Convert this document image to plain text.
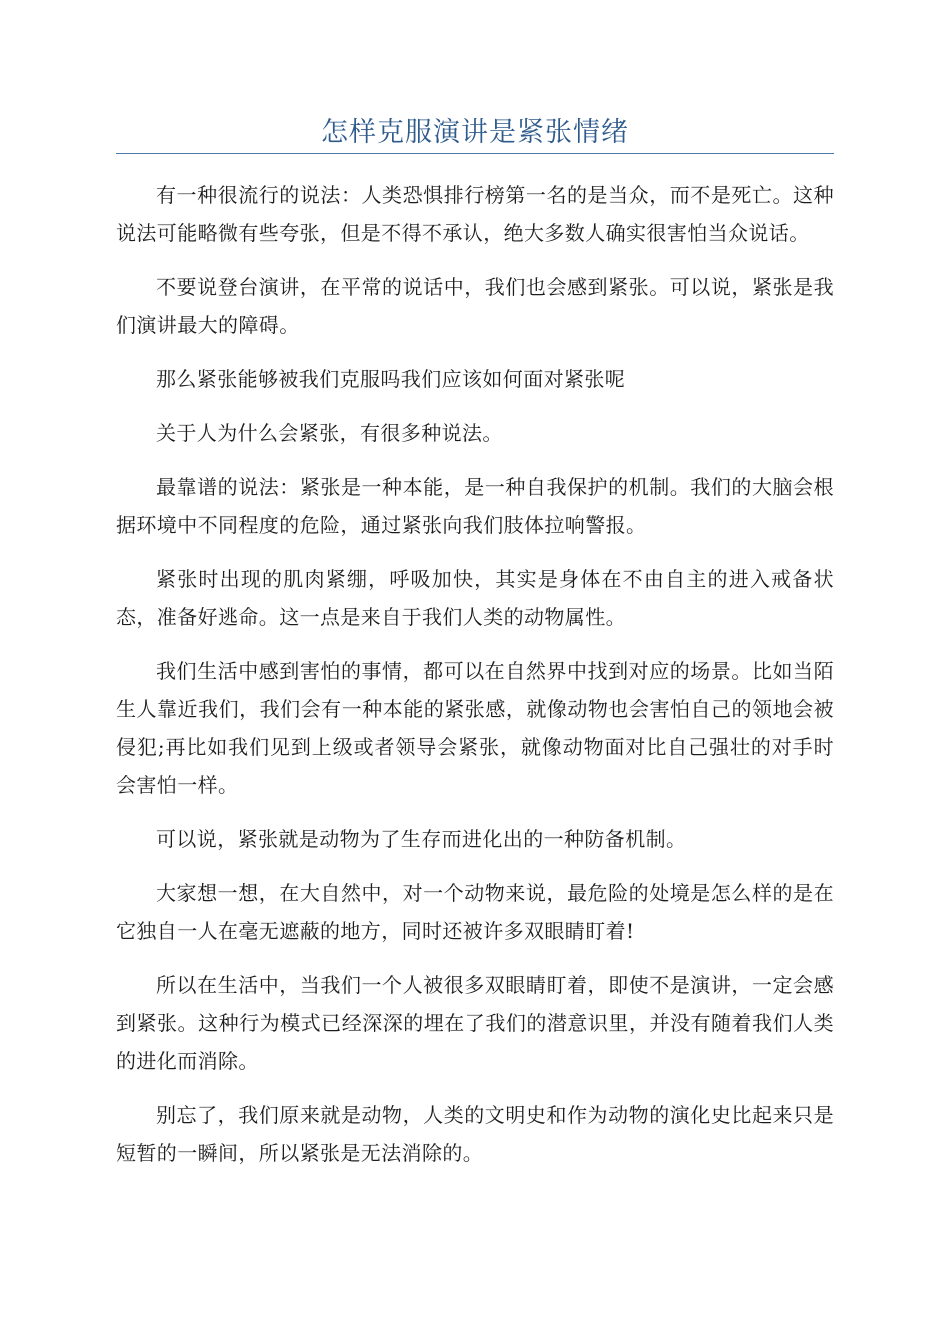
怎样克服演讲是紧张情绪

有一种很流行的说法：人类恐惧排行榜第一名的是当众，而不是死亡。这种说法可能略微有些夸张，但是不得不承认，绝大多数人确实很害怕当众说话。

不要说登台演讲，在平常的说话中，我们也会感到紧张。可以说，紧张是我们演讲最大的障碍。

那么紧张能够被我们克服吗我们应该如何面对紧张呢

关于人为什么会紧张，有很多种说法。

最靠谱的说法：紧张是一种本能，是一种自我保护的机制。我们的大脑会根据环境中不同程度的危险，通过紧张向我们肢体拉响警报。

紧张时出现的肌肉紧绷，呼吸加快，其实是身体在不由自主的进入戒备状态，准备好逃命。这一点是来自于我们人类的动物属性。

我们生活中感到害怕的事情，都可以在自然界中找到对应的场景。比如当陌生人靠近我们，我们会有一种本能的紧张感，就像动物也会害怕自己的领地会被侵犯;再比如我们见到上级或者领导会紧张，就像动物面对比自己强壮的对手时会害怕一样。

可以说，紧张就是动物为了生存而进化出的一种防备机制。

大家想一想，在大自然中，对一个动物来说，最危险的处境是怎么样的是在它独自一人在毫无遮蔽的地方，同时还被许多双眼睛盯着!

所以在生活中，当我们一个人被很多双眼睛盯着，即使不是演讲，一定会感到紧张。这种行为模式已经深深的埋在了我们的潜意识里，并没有随着我们人类的进化而消除。

别忘了，我们原来就是动物，人类的文明史和作为动物的演化史比起来只是短暂的一瞬间，所以紧张是无法消除的。
